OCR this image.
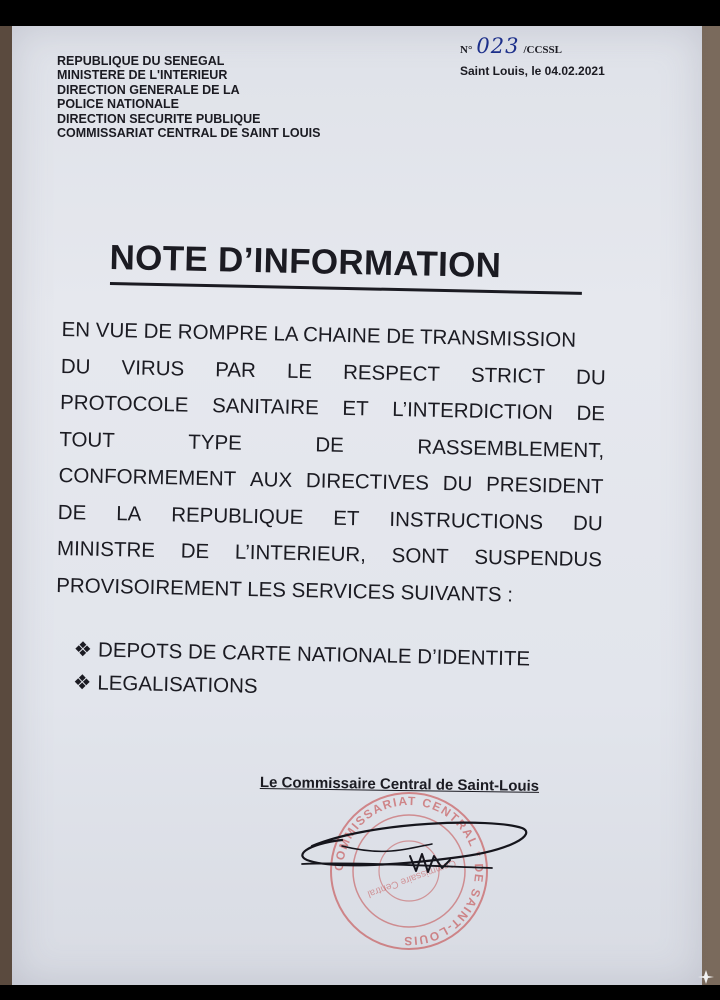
REPUBLIQUE DU SENEGAL
MINISTERE DE L'INTERIEUR
DIRECTION GENERALE DE LA
POLICE NATIONALE
DIRECTION SECURITE PUBLIQUE
COMMISSARIAT CENTRAL DE SAINT LOUIS
N° 023 /CCSSL
Saint Louis, le 04.02.2021
NOTE D’INFORMATION
EN VUE DE ROMPRE LA CHAINE DE TRANSMISSION
DU VIRUS PAR LE RESPECT STRICT DU
PROTOCOLE SANITAIRE ET L’INTERDICTION DE
TOUT	TYPE	DE	RASSEMBLEMENT,
CONFORMEMENT AUX DIRECTIVES DU PRESIDENT
DE LA REPUBLIQUE ET INSTRUCTIONS DU
MINISTRE DE L’INTERIEUR, SONT SUSPENDUS
PROVISOIREMENT LES SERVICES SUIVANTS :
❖ DEPOTS DE CARTE NATIONALE D’IDENTITE
❖ LEGALISATIONS
Le Commissaire Central de Saint-Louis
COMMISSARIAT CENTRAL * DE SAINT-LOUIS
Commissaire Central
